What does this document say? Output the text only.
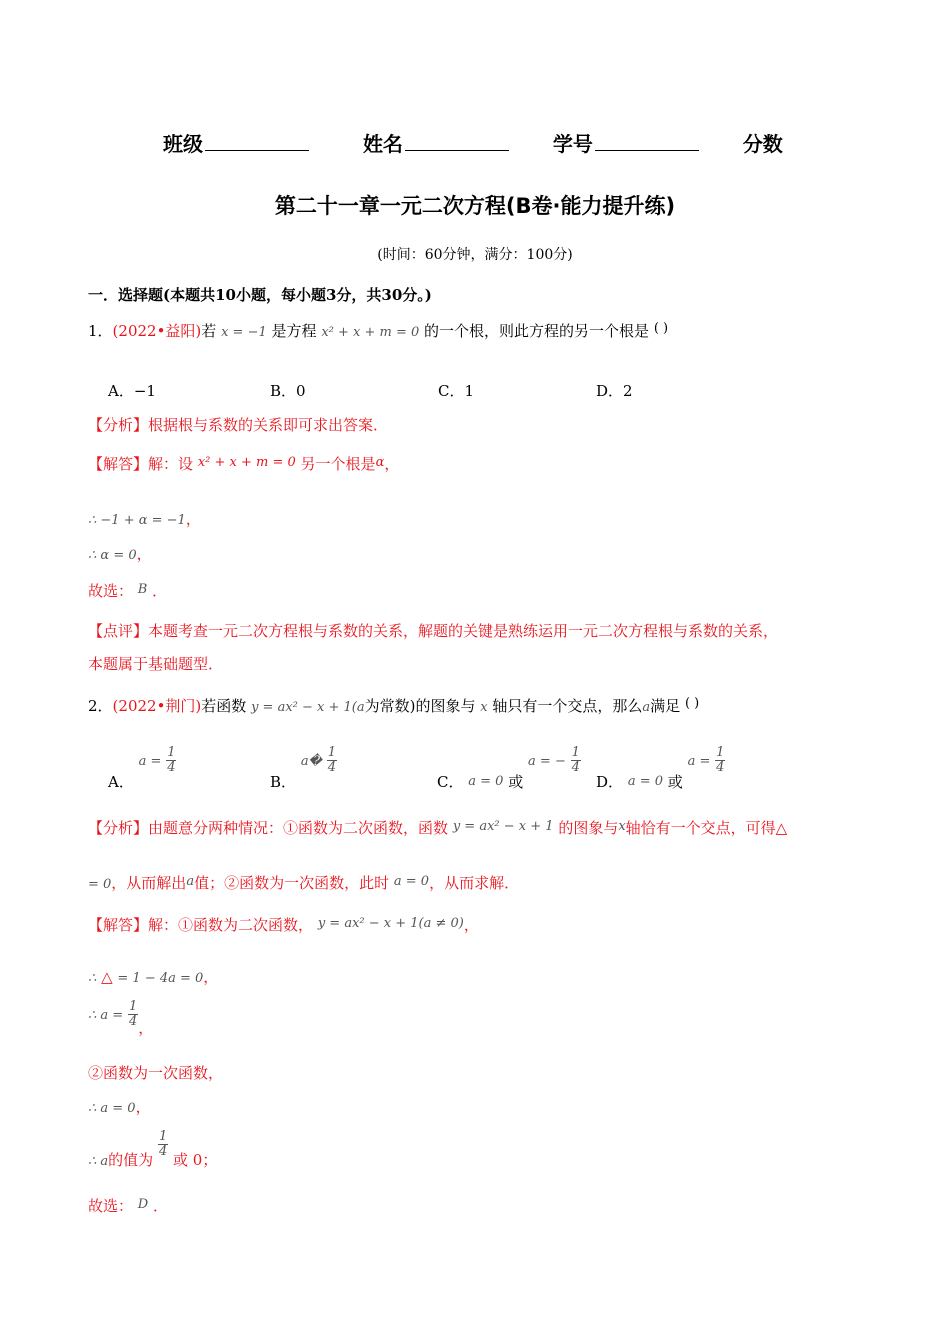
班级	姓名	学号	分数
第二十一章一元二次方程(B卷·能力提升练)
(时间：60分钟，满分：100分)
一．选择题(本题共10小题，每小题3分，共30分。)
1．(2022•益阳)若 x = −1 是方程 x² + x + m = 0 的一个根，则此方程的另一个根是 ( )
A．−1	B．0	C．1	D．2
【分析】根据根与系数的关系即可求出答案．
【解答】解：设 x² + x + m = 0 另一个根是α，
∴ −1 + α = −1，
∴ α = 0，
故选： B ．
【点评】本题考查一元二次方程根与系数的关系，解题的关键是熟练运用一元二次方程根与系数的关系，
本题属于基础题型．
2．(2022•荆门)若函数 y = ax² − x + 1(a为常数)的图象与 x 轴只有一个交点，那么a满足 ( )
A． $a = \frac{1}{4}$
B． a� $\frac{1}{4}$
C． a = 0 或 a = − $\frac{1}{4}$
D． a = 0 或 $a = \frac{1}{4}$
【分析】由题意分两种情况：①函数为二次函数，函数 y = ax² − x + 1 的图象与x轴恰有一个交点，可得△
= 0，从而解出a值；②函数为一次函数，此时 a = 0，从而求解．
【解答】解：①函数为二次函数， y = ax² − x + 1(a ≠ 0)，
∴ △ = 1 − 4a = 0，
∴ $a = \frac{1}{4}$ ，
②函数为一次函数，
∴ a = 0，
∴ a的值为
$\frac{1}{4}$
或 0；
故选： D ．
